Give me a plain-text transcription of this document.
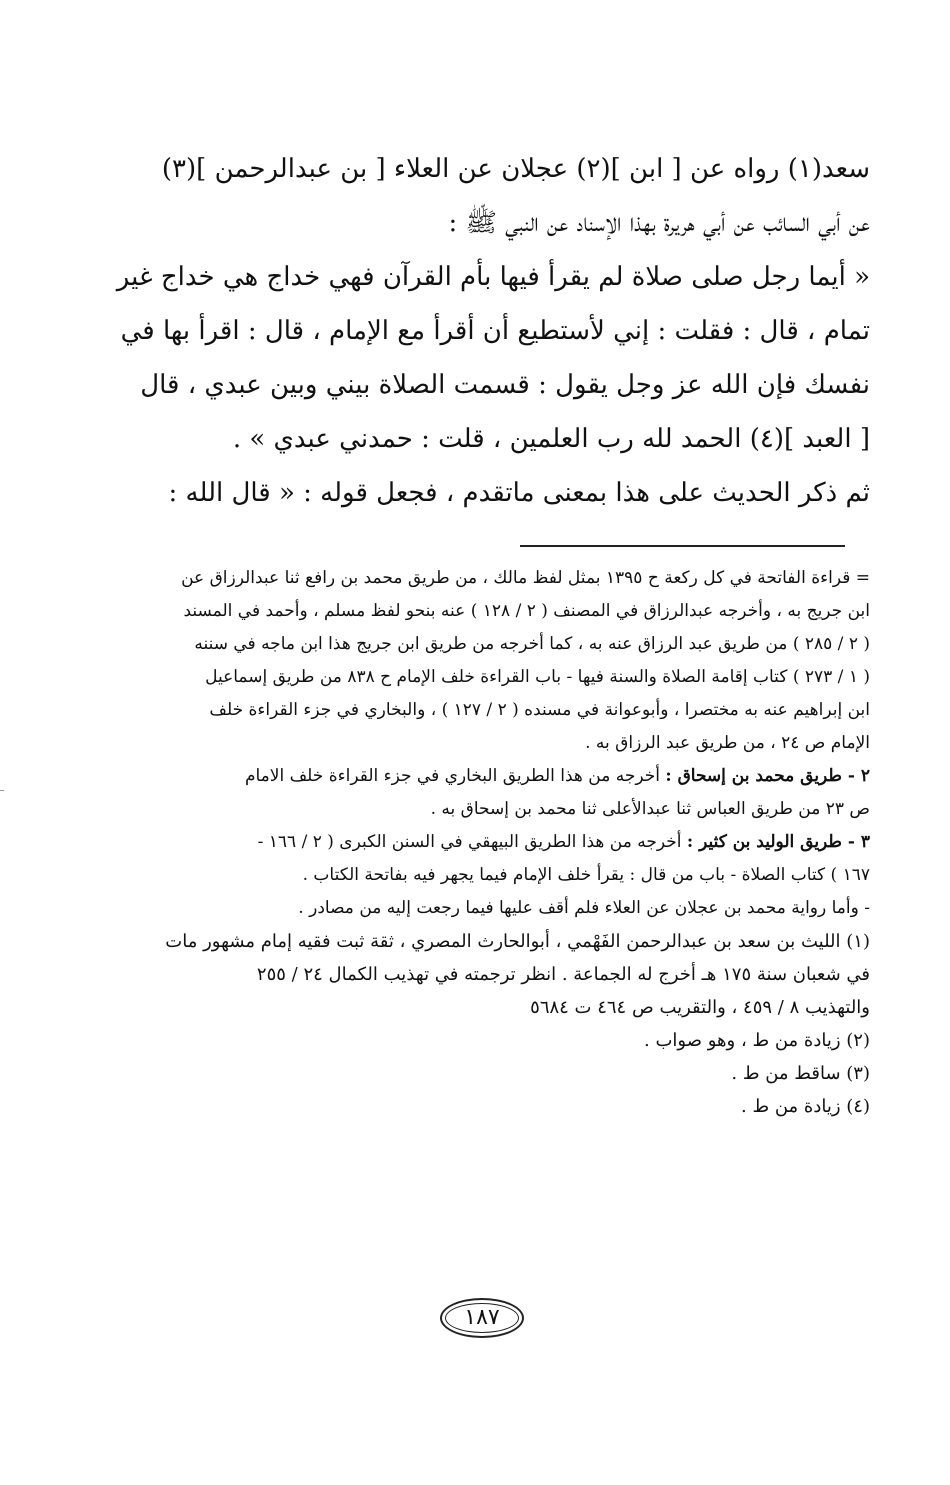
سعد(١) رواه عن [ ابن ](٢) عجلان عن العلاء [ بن عبدالرحمن ](٣)
عن أبي السائب عن أبي هريرة بهذا الإسناد عن النبي ﷺ :
« أيما رجل صلى صلاة لم يقرأ فيها بأم القرآن فهي خداج هي خداج غير
تمام ، قال : فقلت : إني لأستطيع أن أقرأ مع الإمام ، قال : اقرأ بها في
نفسك فإن الله عز وجل يقول : قسمت الصلاة بيني وبين عبدي ، قال
[ العبد ](٤) الحمد لله رب العلمين ، قلت : حمدني عبدي » .
ثم ذكر الحديث على هذا بمعنى ماتقدم ، فجعل قوله : « قال الله :
= قراءة الفاتحة في كل ركعة ح ١٣٩٥ بمثل لفظ مالك ، من طريق محمد بن رافع ثنا عبدالرزاق عن
ابن جريج به ، وأخرجه عبدالرزاق في المصنف ( ٢ / ١٢٨ ) عنه بنحو لفظ مسلم ، وأحمد في المسند
( ٢ / ٢٨٥ ) من طريق عبد الرزاق عنه به ، كما أخرجه من طريق ابن جريج هذا ابن ماجه في سننه
( ١ / ٢٧٣ ) كتاب إقامة الصلاة والسنة فيها - باب القراءة خلف الإمام ح ٨٣٨ من طريق إسماعيل
ابن إبراهيم عنه به مختصرا ، وأبوعوانة في مسنده ( ٢ / ١٢٧ ) ، والبخاري في جزء القراءة خلف
الإمام ص ٢٤ ، من طريق عبد الرزاق به .
٢ - طريق محمد بن إسحاق : أخرجه من هذا الطريق البخاري في جزء القراءة خلف الامام
ص ٢٣ من طريق العباس ثنا عبدالأعلى ثنا محمد بن إسحاق به .
٣ - طريق الوليد بن كثير : أخرجه من هذا الطريق البيهقي في السنن الكبرى ( ٢ / ١٦٦ -
١٦٧ ) كتاب الصلاة - باب من قال : يقرأ خلف الإمام فيما يجهر فيه بفاتحة الكتاب .
- وأما رواية محمد بن عجلان عن العلاء فلم أقف عليها فيما رجعت إليه من مصادر .
(١) الليث بن سعد بن عبدالرحمن الفَهْمي ، أبوالحارث المصري ، ثقة ثبت فقيه إمام مشهور مات
في شعبان سنة ١٧٥ هـ أخرج له الجماعة . انظر ترجمته في تهذيب الكمال ٢٤ / ٢٥٥
والتهذيب ٨ / ٤٥٩ ، والتقريب ص ٤٦٤ ت ٥٦٨٤
(٢) زيادة من ط ، وهو صواب .
(٣) ساقط من ط .
(٤) زيادة من ط .
١٨٧
